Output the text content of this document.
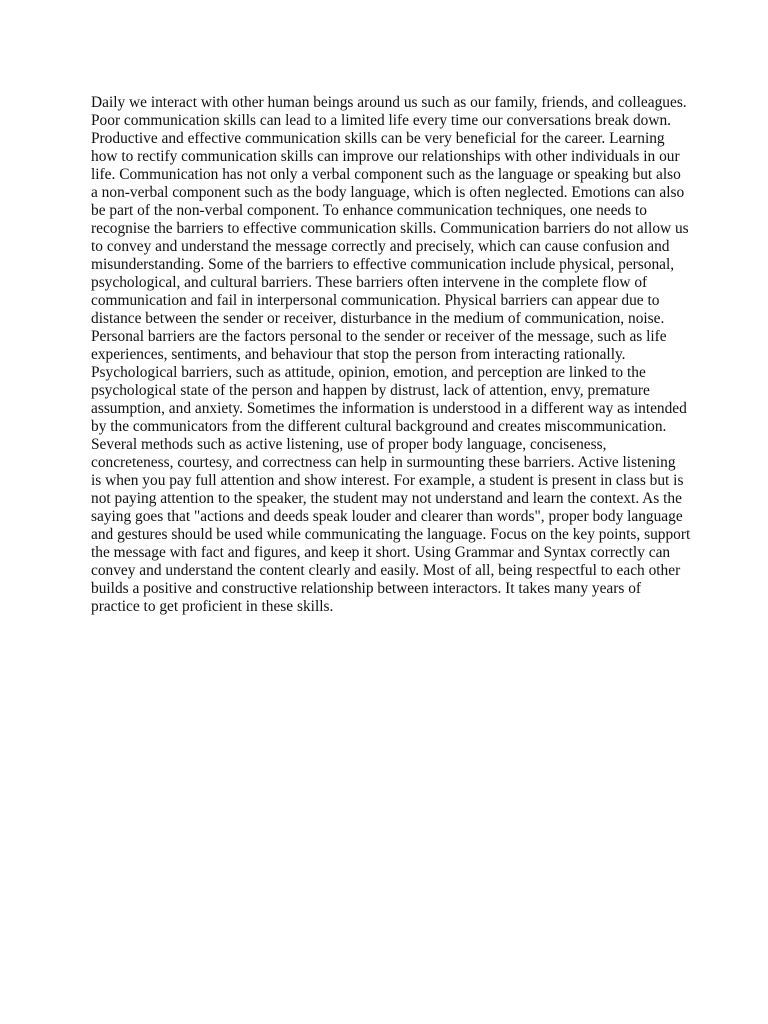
Daily we interact with other human beings around us such as our family, friends, and colleagues.
Poor communication skills can lead to a limited life every time our conversations break down.
Productive and effective communication skills can be very beneficial for the career. Learning
how to rectify communication skills can improve our relationships with other individuals in our
life. Communication has not only a verbal component such as the language or speaking but also
a non-verbal component such as the body language, which is often neglected. Emotions can also
be part of the non-verbal component. To enhance communication techniques, one needs to
recognise the barriers to effective communication skills. Communication barriers do not allow us
to convey and understand the message correctly and precisely, which can cause confusion and
misunderstanding. Some of the barriers to effective communication include physical, personal,
psychological, and cultural barriers. These barriers often intervene in the complete flow of
communication and fail in interpersonal communication. Physical barriers can appear due to
distance between the sender or receiver, disturbance in the medium of communication, noise.
Personal barriers are the factors personal to the sender or receiver of the message, such as life
experiences, sentiments, and behaviour that stop the person from interacting rationally.
Psychological barriers, such as attitude, opinion, emotion, and perception are linked to the
psychological state of the person and happen by distrust, lack of attention, envy, premature
assumption, and anxiety. Sometimes the information is understood in a different way as intended
by the communicators from the different cultural background and creates miscommunication.
Several methods such as active listening, use of proper body language, conciseness,
concreteness, courtesy, and correctness can help in surmounting these barriers. Active listening
is when you pay full attention and show interest. For example, a student is present in class but is
not paying attention to the speaker, the student may not understand and learn the context. As the
saying goes that "actions and deeds speak louder and clearer than words", proper body language
and gestures should be used while communicating the language. Focus on the key points, support
the message with fact and figures, and keep it short. Using Grammar and Syntax correctly can
convey and understand the content clearly and easily. Most of all, being respectful to each other
builds a positive and constructive relationship between interactors. It takes many years of
practice to get proficient in these skills.
